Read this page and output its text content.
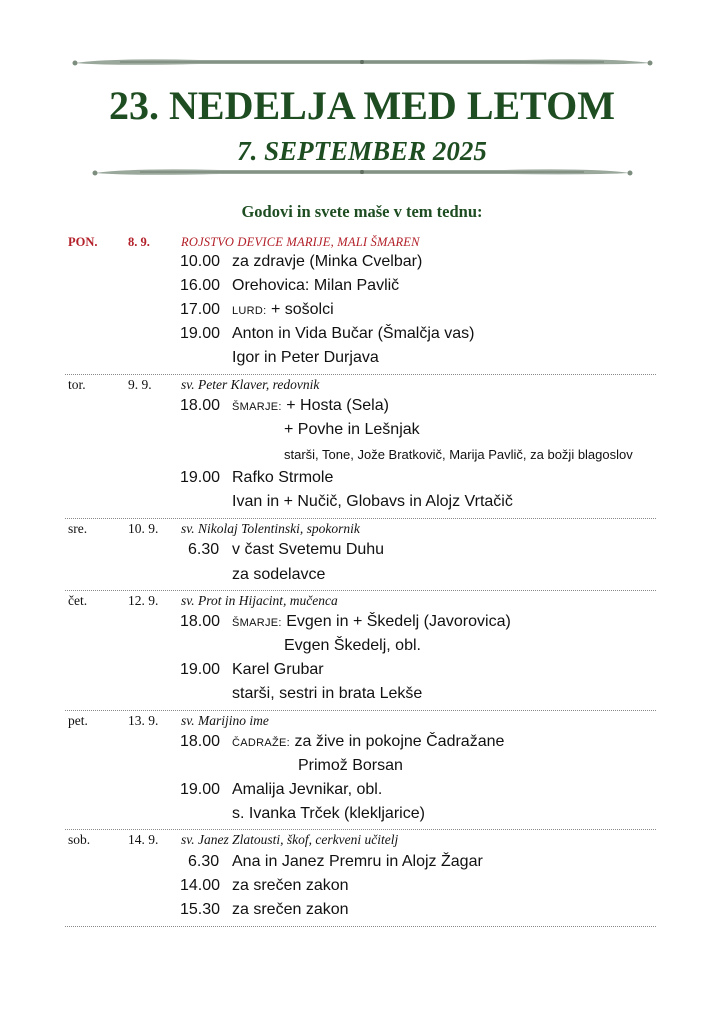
23. NEDELJA MED LETOM
7. SEPTEMBER 2025
Godovi in svete maše v tem tednu:
PON. 8. 9. ROJSTVO DEVICE MARIJE, MALI ŠMAREN
10.00 za zdravje (Minka Cvelbar)
16.00 Orehovica: Milan Pavlič
17.00 LURD: + sošolci
19.00 Anton in Vida Bučar (Šmalčja vas)
Igor in Peter Durjava
tor.	9. 9. sv. Peter Klaver, redovnik
18.00 ŠMARJE: + Hosta (Sela)
+ Povhe in Lešnjak
starši, Tone, Jože Bratkovič, Marija Pavlič, za božji blagoslov
19.00 Rafko Strmole
Ivan in + Nučič, Globavs in Alojz Vrtačič
sre.	10. 9. sv. Nikolaj Tolentinski, spokornik
6.30 v čast Svetemu Duhu
za sodelavce
čet.	12. 9. sv. Prot in Hijacint, mučenca
18.00 ŠMARJE: Evgen in + Škedelj (Javorovica)
Evgen Škedelj, obl.
19.00 Karel Grubar
starši, sestri in brata Lekše
pet.	13. 9. sv. Marijino ime
18.00 ČADRAŽE: za žive in pokojne Čadražane
Primož Borsan
19.00 Amalija Jevnikar, obl.
s. Ivanka Trček (klekljarice)
sob.	14. 9. sv. Janez Zlatousti, škof, cerkveni učitelj
6.30 Ana in Janez Premru in Alojz Žagar
14.00 za srečen zakon
15.30 za srečen zakon
